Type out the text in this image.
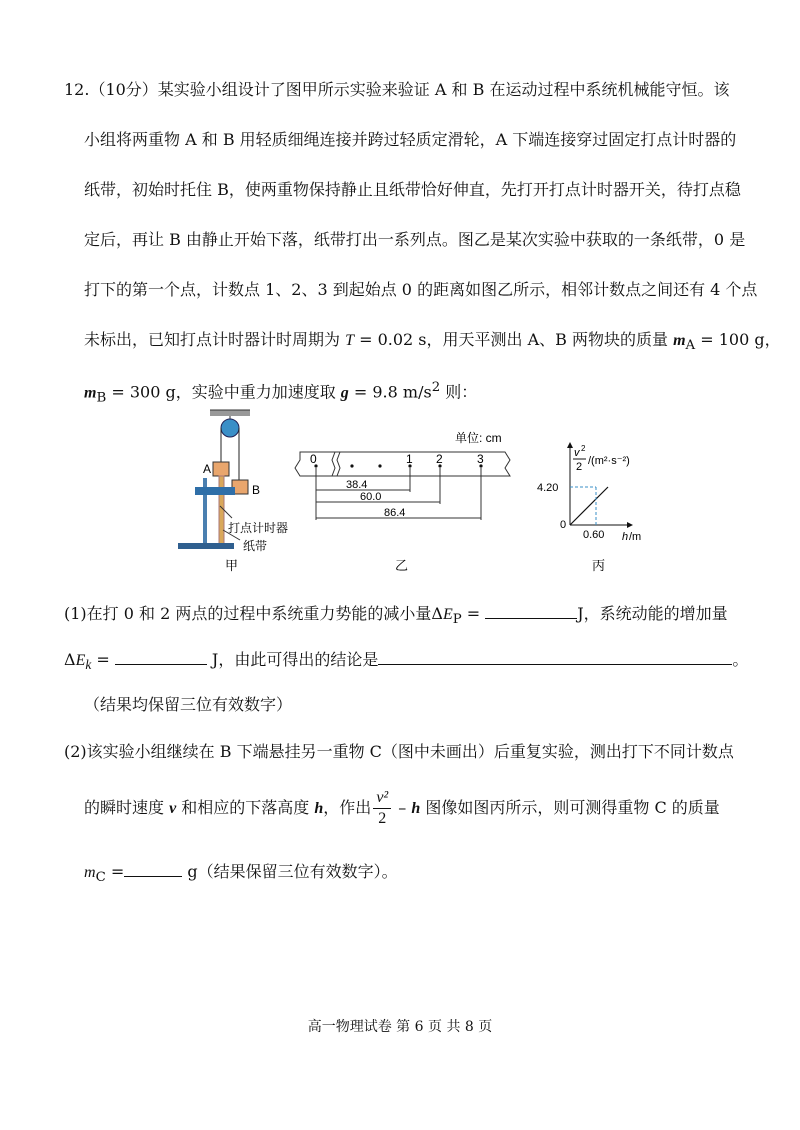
12.（10分）某实验小组设计了图甲所示实验来验证 A 和 B 在运动过程中系统机械能守恒。该
小组将两重物 A 和 B 用轻质细绳连接并跨过轻质定滑轮，A 下端连接穿过固定打点计时器的
纸带，初始时托住 B，使两重物保持静止且纸带恰好伸直，先打开打点计时器开关，待打点稳
定后，再让 B 由静止开始下落，纸带打出一系列点。图乙是某次实验中获取的一条纸带，0 是
打下的第一个点，计数点 1、2、3 到起始点 0 的距离如图乙所示，相邻计数点之间还有 4 个点
未标出，已知打点计时器计时周期为 T = 0.02 s，用天平测出 A、B 两物块的质量 $m_A = 100$ g，
$m_B = 300$ g，实验中重力加速度取 g = 9.8 $m/s^2$ 则：
A
B
打点计时器
纸带
甲
单位: cm
0	1 2	3
38.4
60.0
86.4
乙
4.20
0.60
0
v 2
2 /(m²·s⁻²)
h /m
丙
(1)在打 0 和 2 两点的过程中系统重力势能的减小量$\Delta E_P$ =	J，系统动能的增加量
$\Delta E_k$ =	J，由此可得出的结论是	。
（结果均保留三位有效数字）
(2)该实验小组继续在 B 下端悬挂另一重物 C（图中未画出）后重复实验，测出打下不同计数点
的瞬时速度 v 和相应的下落高度 h，作出 $\frac{\text{v²}}{2}$ – h 图像如图丙所示，则可测得重物 C 的质量
$m_C$ =	g（结果保留三位有效数字）。
高一物理试卷 第 6 页 共 8 页
